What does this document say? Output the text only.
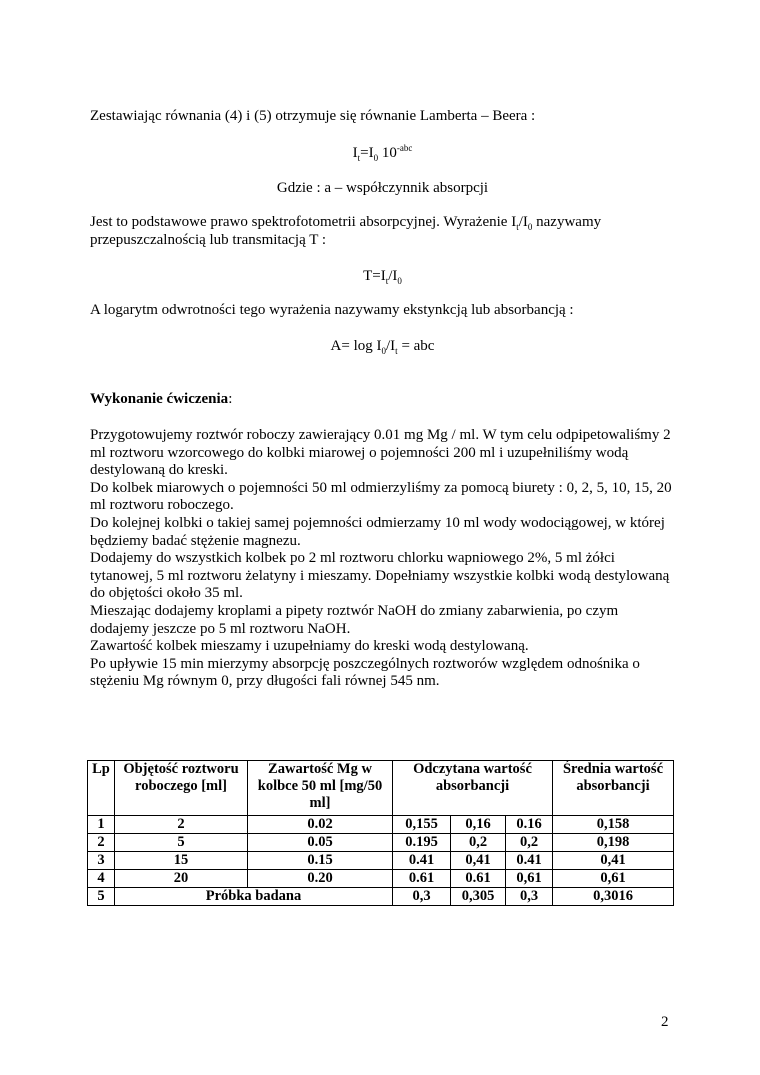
Zestawiając równania (4) i (5) otrzymuje się równanie Lamberta – Beera :
$I_t=I_0$ $10^{-abc}$
Gdzie : a – współczynnik absorpcji
Jest to podstawowe prawo spektrofotometrii absorpcyjnej. Wyrażenie $I_t/I_0$ nazywamy przepuszczalnością lub transmitacją T :
$T=I_t/I_0$
A logarytm odwrotności tego wyrażenia nazywamy ekstynkcją lub absorbancją :
$A= \log I_0/I_t$ = abc
Wykonanie ćwiczenia:
Przygotowujemy roztwór roboczy zawierający 0.01 mg Mg / ml. W tym celu odpipetowaliśmy 2 ml roztworu wzorcowego do kolbki miarowej o pojemności 200 ml i uzupełniliśmy wodą destylowaną do kreski.
Do kolbek miarowych o pojemności 50 ml odmierzyliśmy za pomocą biurety : 0, 2, 5, 10, 15, 20 ml roztworu roboczego.
Do kolejnej kolbki o takiej samej pojemności odmierzamy 10 ml wody wodociągowej, w której będziemy badać stężenie magnezu.
Dodajemy do wszystkich kolbek po 2 ml roztworu chlorku wapniowego 2%, 5 ml żółci tytanowej, 5 ml roztworu żelatyny i mieszamy. Dopełniamy wszystkie kolbki wodą destylowaną do objętości około 35 ml.
Mieszając dodajemy kroplami a pipety roztwór NaOH do zmiany zabarwienia, po czym dodajemy jeszcze po 5 ml roztworu NaOH.
Zawartość kolbek mieszamy i uzupełniamy do kreski wodą destylowaną.
Po upływie 15 min mierzymy absorpcję poszczególnych roztworów względem odnośnika o stężeniu Mg równym 0, przy długości fali równej 545 nm.
Lp	Objętość roztworu roboczego [ml]	Zawartość Mg w kolbce 50 ml [mg/50 ml]	Odczytana wartość absorbancji			Średnia wartość absorbancji
1	2	0.02	0,155	0,16	0.16	0,158
2	5	0.05	0.195	0,2	0,2	0,198
3	15	0.15	0.41	0,41	0.41	0,41
4	20	0.20	0.61	0.61	0,61	0,61
5	Próbka badana		0,3	0,305	0,3	0,3016
2
